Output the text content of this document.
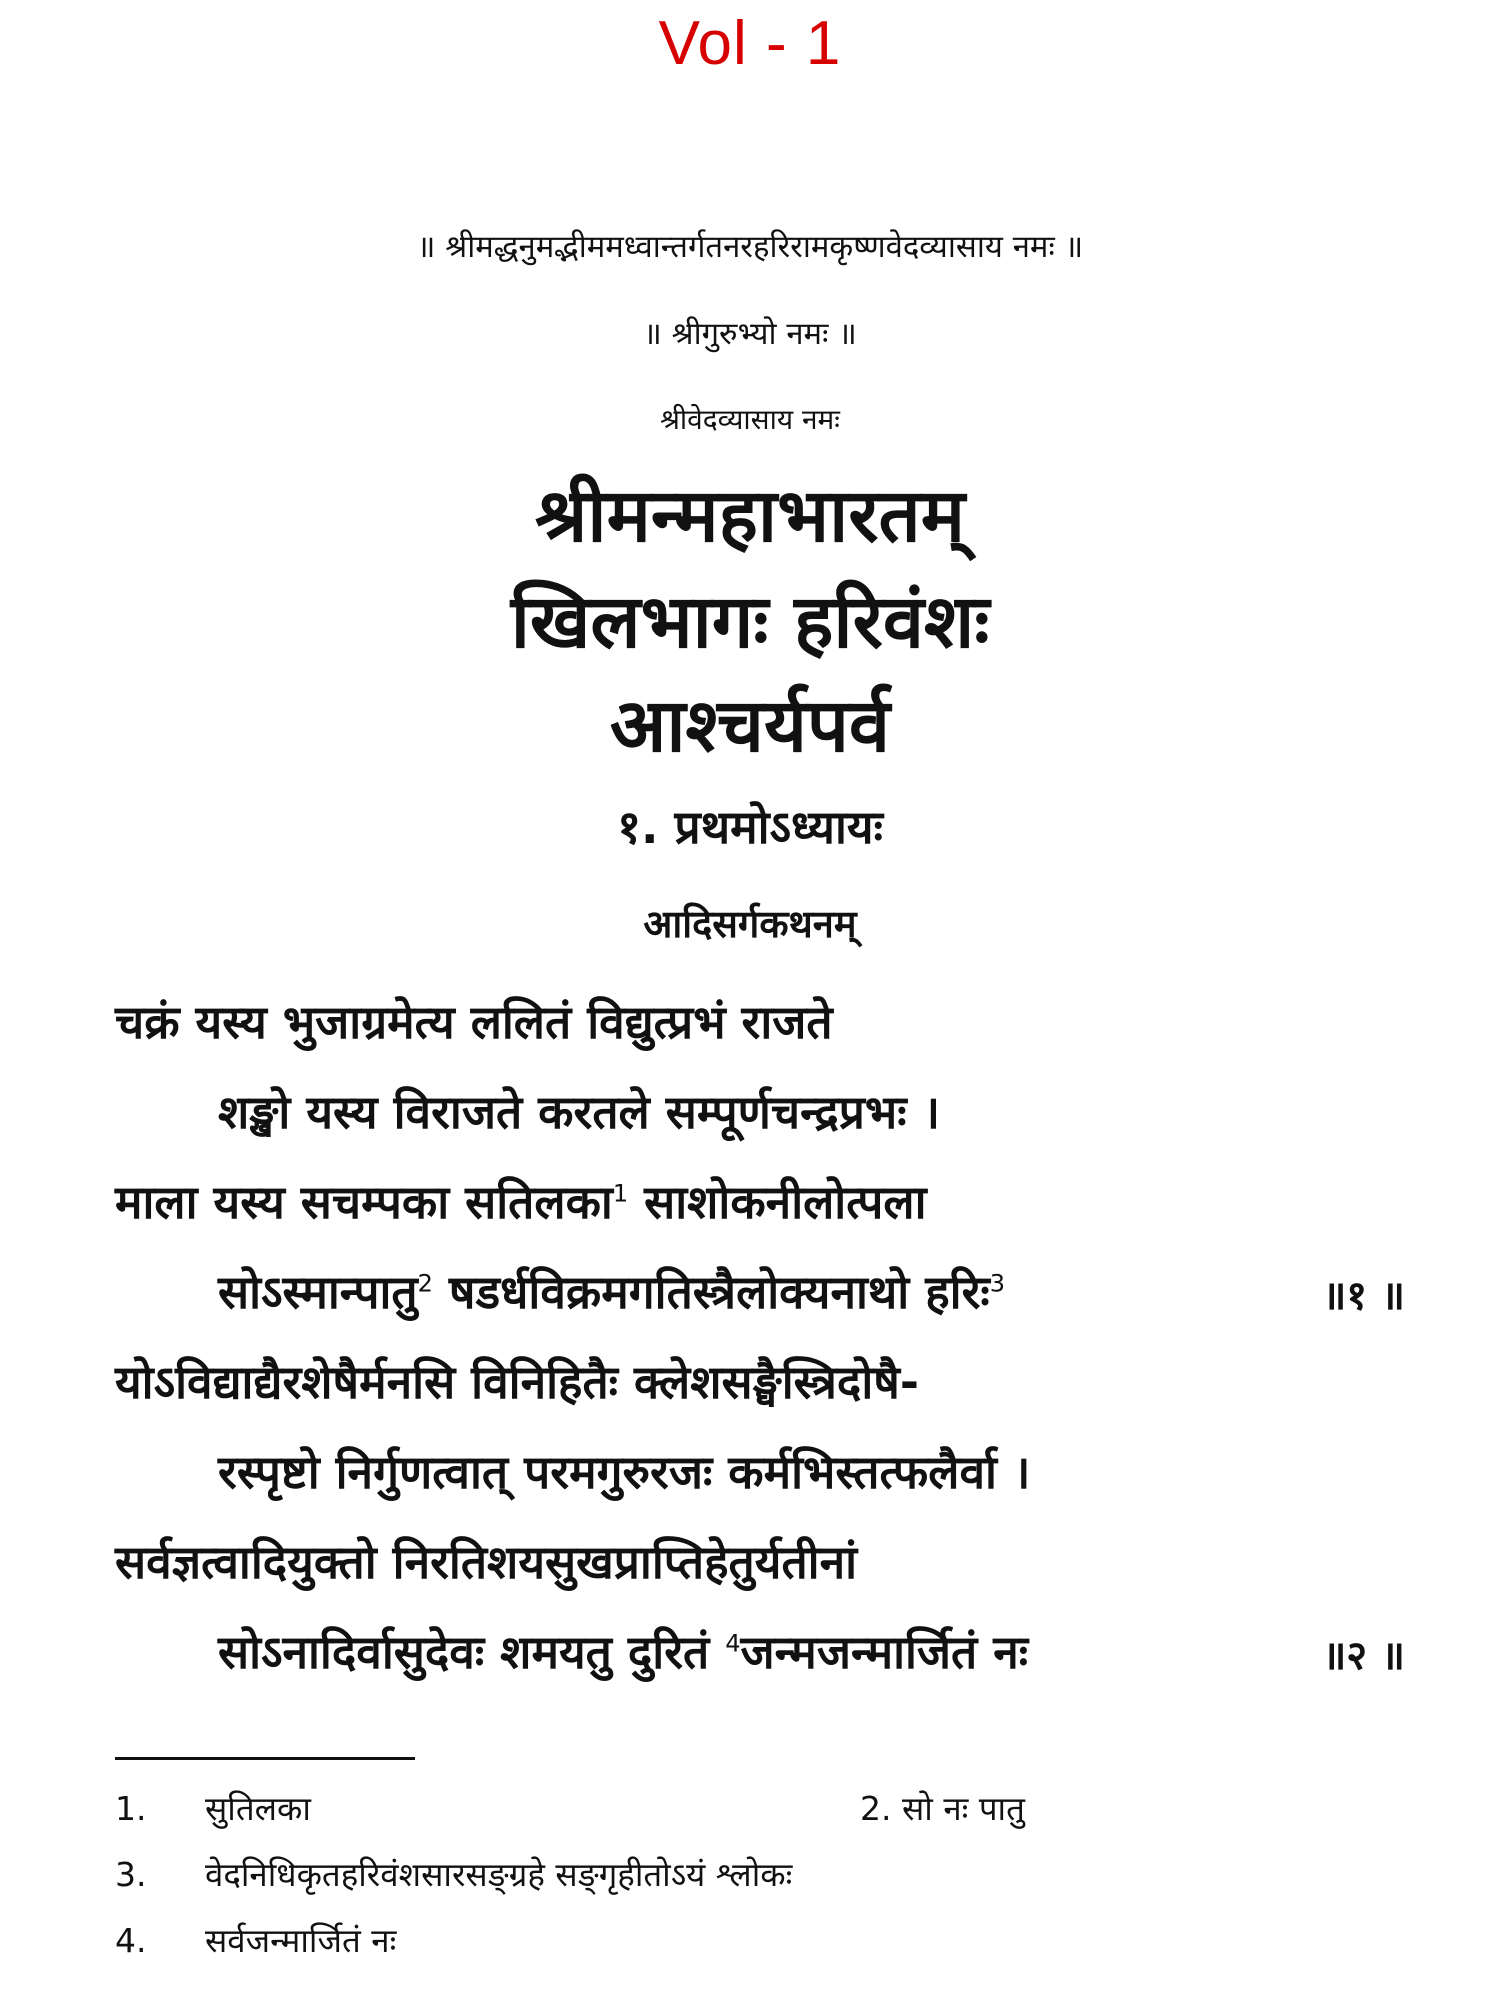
Vol - 1
॥ श्रीमद्धनुमद्भीममध्वान्तर्गतनरहरिरामकृष्णवेदव्यासाय नमः ॥
॥ श्रीगुरुभ्यो नमः ॥
श्रीवेदव्यासाय नमः
श्रीमन्महाभारतम्
खिलभागः हरिवंशः
आश्चर्यपर्व
१. प्रथमोऽध्यायः
आदिसर्गकथनम्
चक्रं यस्य भुजाग्रमेत्य ललितं विद्युत्प्रभं राजते
शङ्खो यस्य विराजते करतले सम्पूर्णचन्द्रप्रभः ।
माला यस्य सचम्पका सतिलका$^1$ साशोकनीलोत्पला
सोऽस्मान्पातु$^2$ षडर्धविक्रमगतिस्त्रैलोक्यनाथो हरिः$^3$	॥१ ॥
योऽविद्याद्यैरशेषैर्मनसि विनिहितैः क्लेशसङ्घैस्त्रिदोषै-
रस्पृष्टो निर्गुणत्वात् परमगुरुरजः कर्मभिस्तत्फलैर्वा ।
सर्वज्ञत्वादियुक्तो निरतिशयसुखप्राप्तिहेतुर्यतीनां
सोऽनादिर्वासुदेवः शमयतु दुरितं $^4$जन्मजन्मार्जितं नः	॥२ ॥
1. सुतिलका	2. सो नः पातु
3. वेदनिधिकृतहरिवंशसारसङ्ग्रहे सङ्गृहीतोऽयं श्लोकः
4. सर्वजन्मार्जितं नः
